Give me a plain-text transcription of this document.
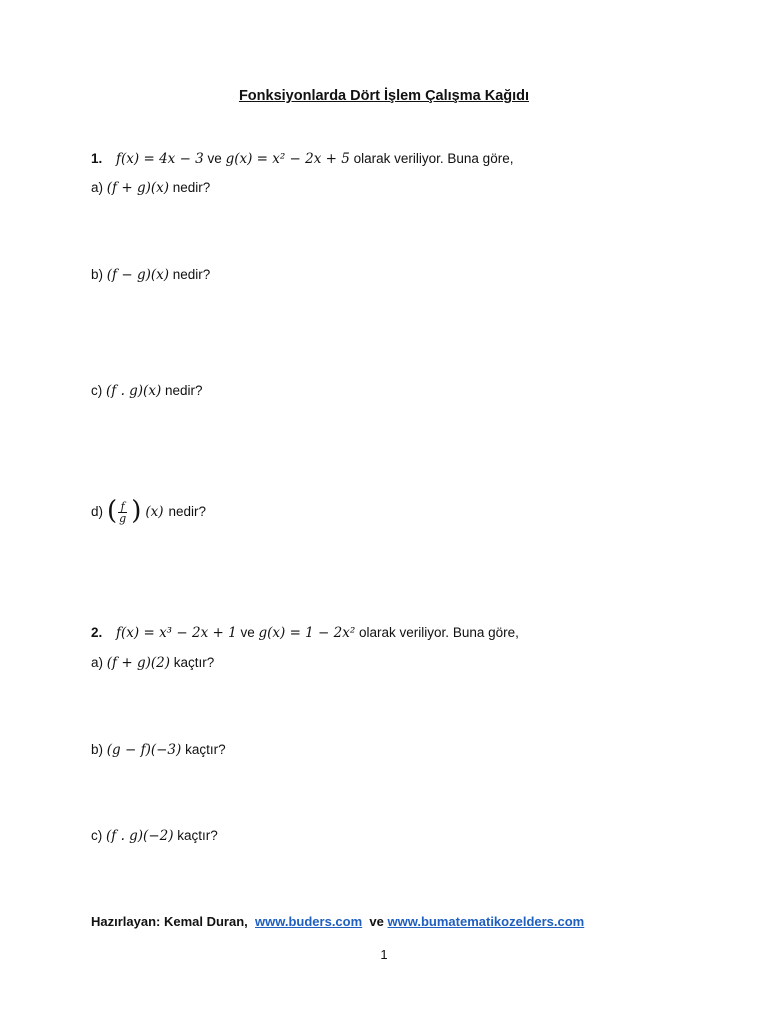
Fonksiyonlarda Dört İşlem Çalışma Kağıdı
1. f(x) = 4x − 3 ve g(x) = x² − 2x + 5 olarak veriliyor. Buna göre,
a) (f + g)(x) nedir?
b) (f − g)(x) nedir?
c) (f . g)(x) nedir?
d) ( $\frac{f}{g}$ ) (x) nedir?
2. f(x) = x³ − 2x + 1 ve g(x) = 1 − 2x² olarak veriliyor. Buna göre,
a) (f + g)(2) kaçtır?
b) (g − f)(−3) kaçtır?
c) (f . g)(−2) kaçtır?
Hazırlayan: Kemal Duran, www.buders.com ve www.bumatematikozelders.com
1
